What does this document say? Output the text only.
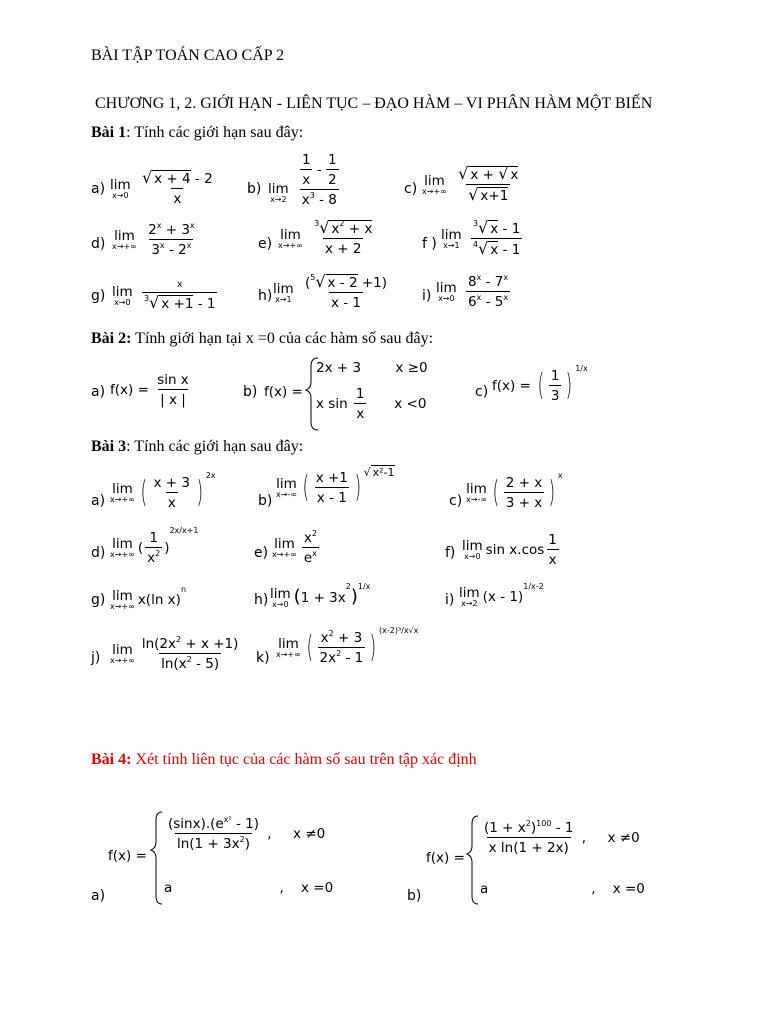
BÀI TẬP TOÁN CAO CẤP 2
CHƯƠNG 1, 2. GIỚI HẠN - LIÊN TỤC – ĐẠO HÀM – VI PHÂN HÀM MỘT BIẾN
Bài 1: Tính các giới hạn sau đây:
a) lim
x→0
$\frac{√ x + 4 - 2}{x} b$) lim
x→2
$\frac{\frac{1}{x} - \frac{1}{2}}{x^3 - 8}$	c) lim
x→+∞
$\frac{√ x + √ x}{√ x+1}$
d) lim
x→+∞
$\frac{2^x + 3^x}{3^x - 2^x}$	e)
lim
x→+∞
$\frac{^3√ x^2 + x}{x + 2}$	f )
lim
x→1
$\frac{^3√ x - 1}{^4√ x - 1}$
g) lim
x→0
$\frac{x}{^3√ x +1 - 1}$	h) lim
x→1
$\frac{(^5√ x - 2 +1)}{x - 1} i$) lim
x→0
$\frac{8^x - 7^x}{6^x - 5^x}$
Bài 2: Tính giới hạn tại x =0 của các hàm số sau đây:
a) $f(x) = \frac{\text{sin x}}{| x |}$	b) f(x) =
2x + 3        x ≥0
x $\sin \frac{1}{x}$ x <0
c) f(x) = ( $\frac{1}{3}$ ) $^{1/x}$
Bài 3: Tính các giới hạn sau đây:
a)
lim
x→+∞ ( $\frac{x + 3}{x}$ ) $^{2x}$
b)
lim
x→-∞ ( $\frac{x +1}{x - 1}$ ) $^{√ x^2-1}$
c)
lim
x→-∞ ( $\frac{2 + x}{3 + x}$ ) $^x$
d)
lim
x→+∞ ( $\frac{1}{x^2} )^{2x/x+1}$
e)
lim
$x\to+\infty \frac{x^2}{e^x}$	f) lim
x→0 $\sin x.\cos \frac{1}{x}$
g) lim
x→+∞ x(ln x)$^n$
h) lim
x→0 $(1 + 3x^2)^{1/x}$
i) lim
x→2 (x - 1)$^{1/x-2}$
j) lim
$x\to+\infty \frac{\ln(2x^2 + x +1)}{\ln(x^2 - 5)} k$)
lim
x→+∞ ( $\frac{x^2 + 3}{2x^2 - 1}$ ) $^{(x-2)^3/x√x}$
Bài 4: Xét tính liên tục của các hàm số sau trên tập xác định
f(x) =
$\frac{(\sin x).(e^{x^2} - 1)}{\ln(1 + 3x^2)}$ ,     x ≠0
a                         ,    x =0
a)
f(x) =
$\frac{(1 + x^2)^{100} - 1}{\text{x ln(1 + 2x)}}$ ,     x ≠0
a                        ,    x =0
b)
